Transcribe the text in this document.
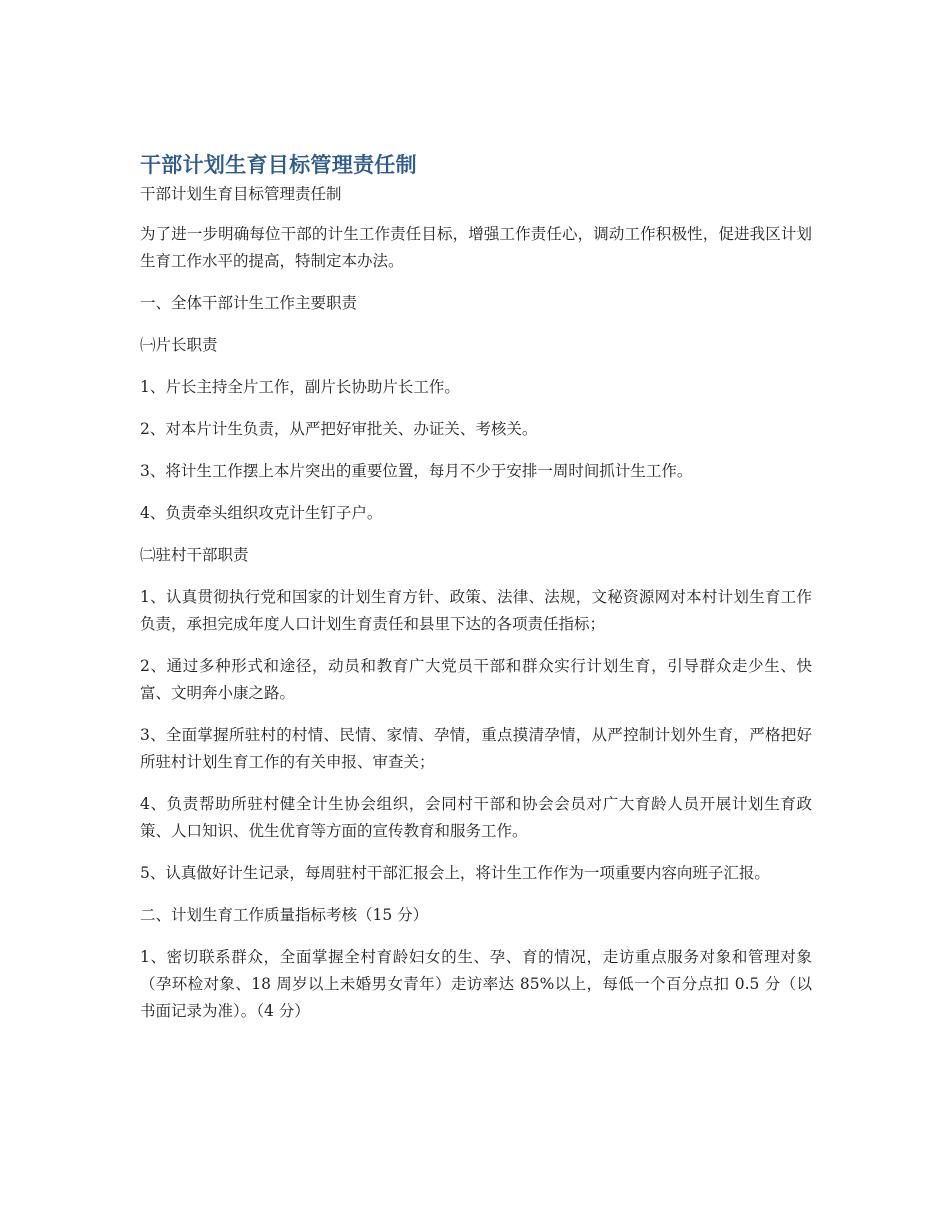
干部计划生育目标管理责任制
干部计划生育目标管理责任制

为了进一步明确每位干部的计生工作责任目标，增强工作责任心，调动工作积极性，促进我区计划生育工作水平的提高，特制定本办法。

一、全体干部计生工作主要职责

㈠片长职责

1、片长主持全片工作，副片长协助片长工作。

2、对本片计生负责，从严把好审批关、办证关、考核关。

3、将计生工作摆上本片突出的重要位置，每月不少于安排一周时间抓计生工作。

4、负责牵头组织攻克计生钉子户。

㈡驻村干部职责

1、认真贯彻执行党和国家的计划生育方针、政策、法律、法规，文秘资源网对本村计划生育工作负责，承担完成年度人口计划生育责任和县里下达的各项责任指标；

2、通过多种形式和途径，动员和教育广大党员干部和群众实行计划生育，引导群众走少生、快富、文明奔小康之路。

3、全面掌握所驻村的村情、民情、家情、孕情，重点摸清孕情，从严控制计划外生育，严格把好所驻村计划生育工作的有关申报、审查关；

4、负责帮助所驻村健全计生协会组织，会同村干部和协会会员对广大育龄人员开展计划生育政策、人口知识、优生优育等方面的宣传教育和服务工作。

5、认真做好计生记录，每周驻村干部汇报会上，将计生工作作为一项重要内容向班子汇报。

二、计划生育工作质量指标考核（15 分）

1、密切联系群众，全面掌握全村育龄妇女的生、孕、育的情况，走访重点服务对象和管理对象（孕环检对象、18 周岁以上未婚男女青年）走访率达 85%以上，每低一个百分点扣 0.5 分（以书面记录为准）。（4 分）
